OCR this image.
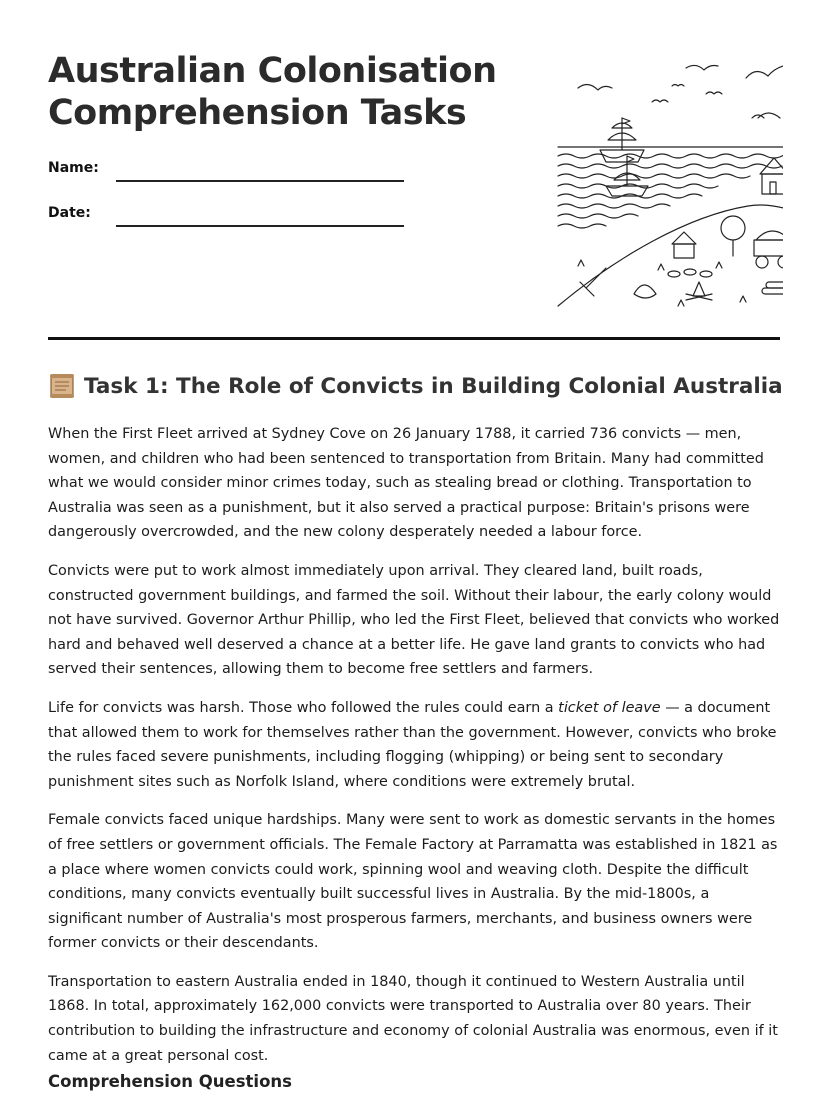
Australian Colonisation
Comprehension Tasks
Name:
Date:
Task 1: The Role of Convicts in Building Colonial Australia

When the First Fleet arrived at Sydney Cove on 26 January 1788, it carried 736 convicts — men, women, and children who had been sentenced to transportation from Britain. Many had committed what we would consider minor crimes today, such as stealing bread or clothing. Transportation to Australia was seen as a punishment, but it also served a practical purpose: Britain's prisons were dangerously overcrowded, and the new colony desperately needed a labour force.

Convicts were put to work almost immediately upon arrival. They cleared land, built roads, constructed government buildings, and farmed the soil. Without their labour, the early colony would not have survived. Governor Arthur Phillip, who led the First Fleet, believed that convicts who worked hard and behaved well deserved a chance at a better life. He gave land grants to convicts who had served their sentences, allowing them to become free settlers and farmers.

Life for convicts was harsh. Those who followed the rules could earn a ticket of leave — a document that allowed them to work for themselves rather than the government. However, convicts who broke the rules faced severe punishments, including flogging (whipping) or being sent to secondary punishment sites such as Norfolk Island, where conditions were extremely brutal.

Female convicts faced unique hardships. Many were sent to work as domestic servants in the homes of free settlers or government officials. The Female Factory at Parramatta was established in 1821 as a place where women convicts could work, spinning wool and weaving cloth. Despite the difficult conditions, many convicts eventually built successful lives in Australia. By the mid-1800s, a significant number of Australia's most prosperous farmers, merchants, and business owners were former convicts or their descendants.

Transportation to eastern Australia ended in 1840, though it continued to Western Australia until 1868. In total, approximately 162,000 convicts were transported to Australia over 80 years. Their contribution to building the infrastructure and economy of colonial Australia was enormous, even if it came at a great personal cost.

Comprehension Questions
